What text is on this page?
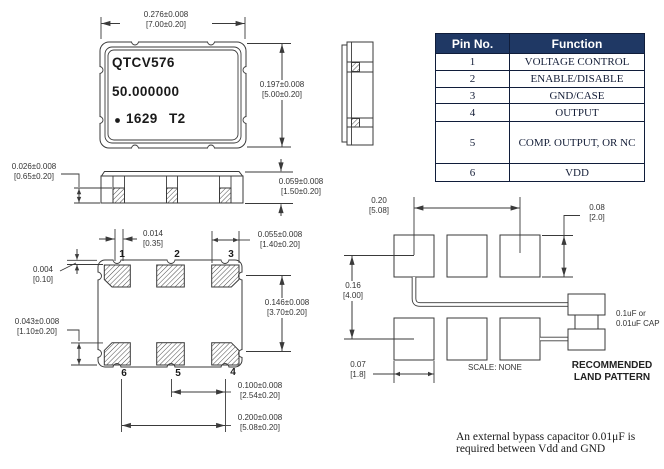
QTCV576
50.000000
1629 T2
0.276±0.008
[7.00±0.20]
0.197±0.008
[5.00±0.20]
0.026±0.008
[0.65±0.20]
0.059±0.008
[1.50±0.20]
0.014
[0.35]
0.055±0.008
[1.40±0.20]
0.004
[0.10]
0.146±0.008
[3.70±0.20]
0.043±0.008
[1.10±0.20]
0.100±0.008
[2.54±0.20]
0.200±0.008
[5.08±0.20]
0.20
[5.08]	0.08
[2.0]
0.16
[4.00]
0.07
[1.8]
1	2	3
6	5	4
Pin No.	Function
1	VOLTAGE CONTROL
2	ENABLE/DISABLE
3	GND/CASE
4	OUTPUT
5	COMP. OUTPUT, OR NC
6	VDD
0.1uF or
0.01uF CAP
SCALE: NONE	RECOMMENDED
LAND PATTERN
An external bypass capacitor 0.01μF is
required between Vdd and GND
